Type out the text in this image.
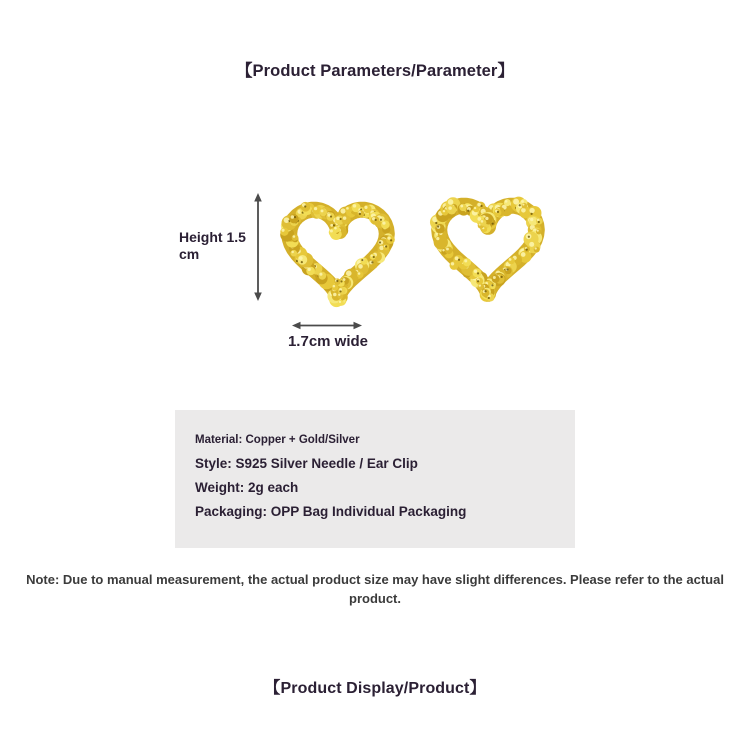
【Product Parameters/Parameter】
Height 1.5 cm
1.7cm wide

Material: Copper + Gold/Silver

Style: S925 Silver Needle / Ear Clip

Weight: 2g each

Packaging: OPP Bag Individual Packaging

Note: Due to manual measurement, the actual product size may have slight differences. Please refer to the actual product.

【Product Display/Product】
